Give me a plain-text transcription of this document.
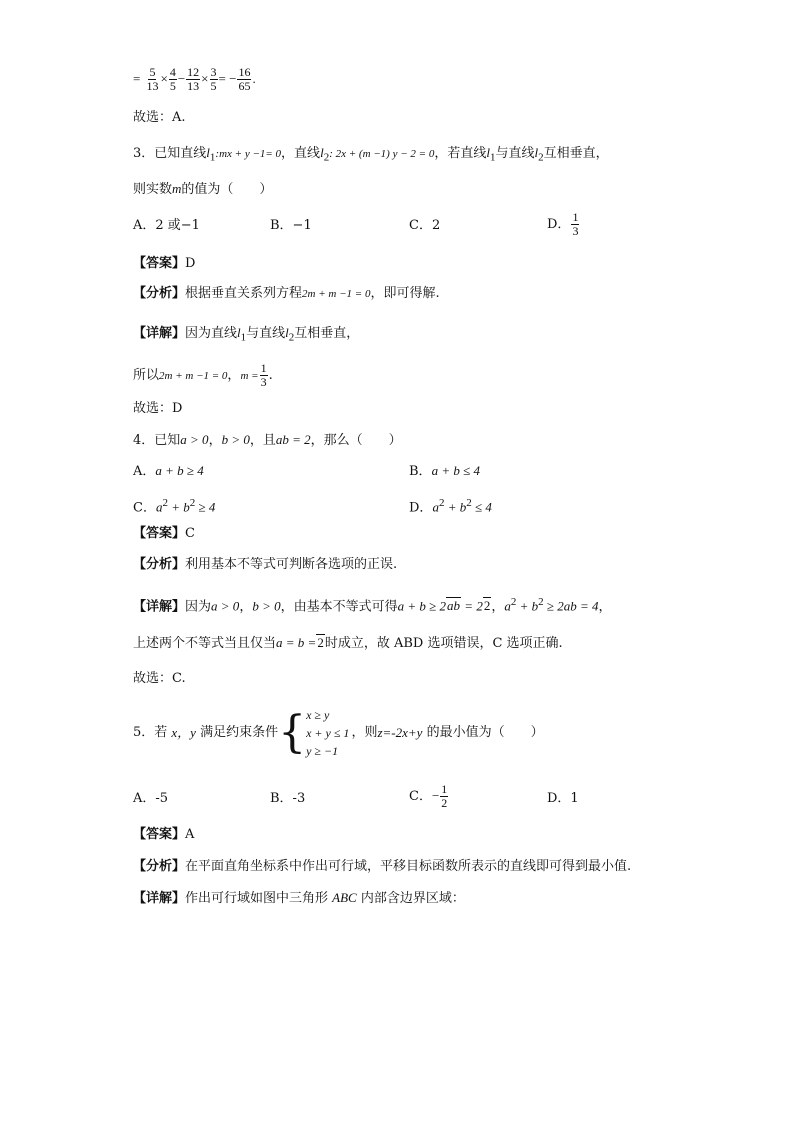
= $\frac{5}{13} \times \frac{4}{5} - \frac{12}{13} \times \frac{3}{5}$ = − $\frac{16}{65}$ .
故选：A.
3．已知直线$l_1:mx + y -1= 0$，直线$l_2$: 2x + (m −1) y − 2 = 0，若直线$l_1$与直线$l_2$互相垂直，
则实数m的值为（　　）
A．2 或−1	B．−1	C．2	D． $\frac{1}{3}$
【答案】D
【分析】根据垂直关系列方程2m + m −1 = 0，即可得解.
【详解】因为直线$l_1$与直线$l_2$互相垂直，
所以2m + m −1 = 0，$m = \frac{1}{3}$ .
故选：D
4．已知a > 0，b > 0，且ab = 2，那么（　　）
A．a + b ≥ 4	B．a + b ≤ 4
C．$a^2 + b^2 \ge 4$	D．$a^2 + b^2 \le 4$
【答案】C
【分析】利用基本不等式可判断各选项的正误.
【详解】因为a > 0，b > 0，由基本不等式可得a + b ≥ 2ab = 22，$a^2 + b^2 \ge 2ab = 4$，
上述两个不等式当且仅当a = b =2时成立，故 ABD 选项错误，C 选项正确.
故选：C.
5．若 x，y 满足约束条件 { x ≥ y
x + y ≤ 1
y ≥ −1
，则z=-2x+y 的最小值为（　　）
A．-5	B．-3	C．− $\frac{1}{2}$	D．1
【答案】A
【分析】在平面直角坐标系中作出可行域，平移目标函数所表示的直线即可得到最小值.
【详解】作出可行域如图中三角形 ABC 内部含边界区域：
